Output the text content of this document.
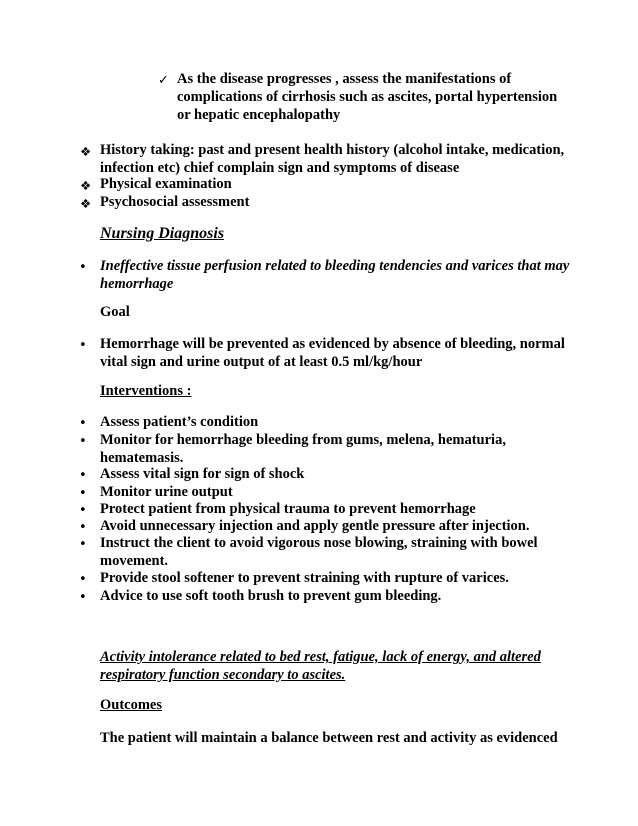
✓ As the disease progresses , assess the manifestations of
complications of cirrhosis such as ascites, portal hypertension
or hepatic encephalopathy
❖ History taking: past and present health history (alcohol intake, medication,
infection etc) chief complain sign and symptoms of disease
❖ Physical examination
❖ Psychosocial assessment
Nursing Diagnosis
• Ineffective tissue perfusion related to bleeding tendencies and varices that may
hemorrhage
Goal
• Hemorrhage will be prevented as evidenced by absence of bleeding, normal
vital sign and urine output of at least 0.5 ml/kg/hour
Interventions :
• Assess patient’s condition
• Monitor for hemorrhage bleeding from gums, melena, hematuria,
hematemasis.
• Assess vital sign for sign of shock
• Monitor urine output
• Protect patient from physical trauma to prevent hemorrhage
• Avoid unnecessary injection and apply gentle pressure after injection.
• Instruct the client to avoid vigorous nose blowing, straining with bowel
movement.
• Provide stool softener to prevent straining with rupture of varices.
• Advice to use soft tooth brush to prevent gum bleeding.
Activity intolerance related to bed rest, fatigue, lack of energy, and altered
respiratory function secondary to ascites.
Outcomes
The patient will maintain a balance between rest and activity as evidenced
